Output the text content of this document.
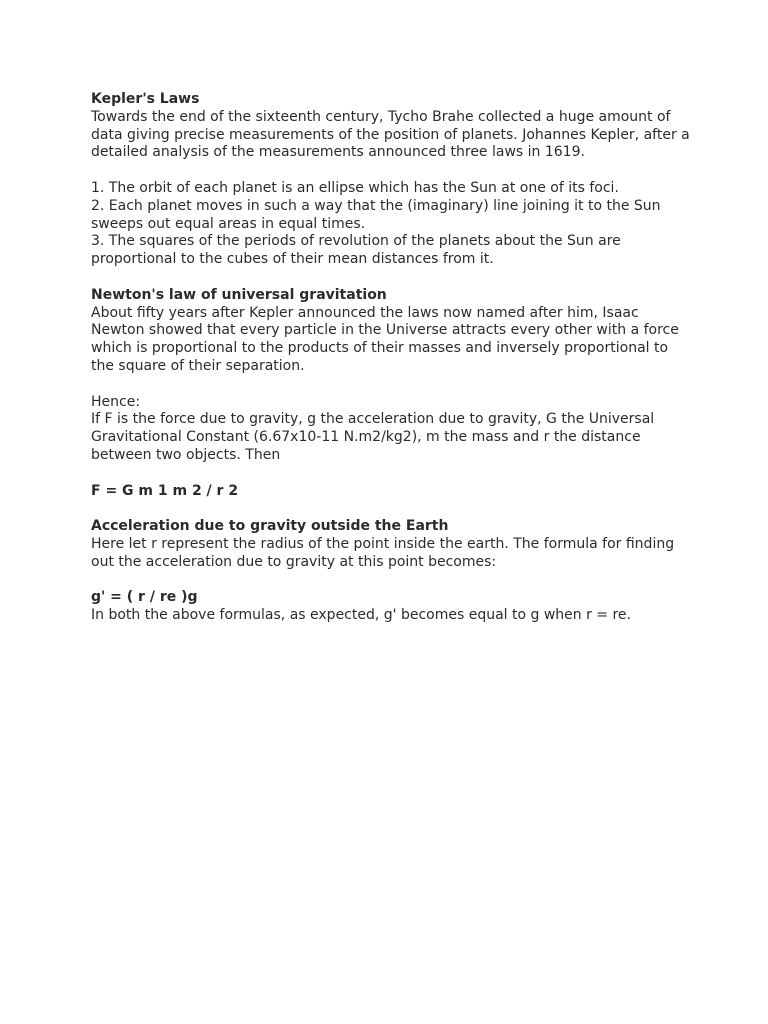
Kepler's Laws

Towards the end of the sixteenth century, Tycho Brahe collected a huge amount of data giving precise measurements of the position of planets. Johannes Kepler, after a detailed analysis of the measurements announced three laws in 1619.

1. The orbit of each planet is an ellipse which has the Sun at one of its foci.

2. Each planet moves in such a way that the (imaginary) line joining it to the Sun sweeps out equal areas in equal times.

3. The squares of the periods of revolution of the planets about the Sun are proportional to the cubes of their mean distances from it.

Newton's law of universal gravitation

About fifty years after Kepler announced the laws now named after him, Isaac Newton showed that every particle in the Universe attracts every other with a force which is proportional to the products of their masses and inversely proportional to the square of their separation.

Hence:

If F is the force due to gravity, g the acceleration due to gravity, G the Universal Gravitational Constant (6.67x10-11 N.m2/kg2), m the mass and r the distance between two objects. Then

F = G m 1 m 2 / r 2

Acceleration due to gravity outside the Earth

Here let r represent the radius of the point inside the earth. The formula for finding out the acceleration due to gravity at this point becomes:

g' = ( r / re )g

In both the above formulas, as expected, g' becomes equal to g when r = re.
